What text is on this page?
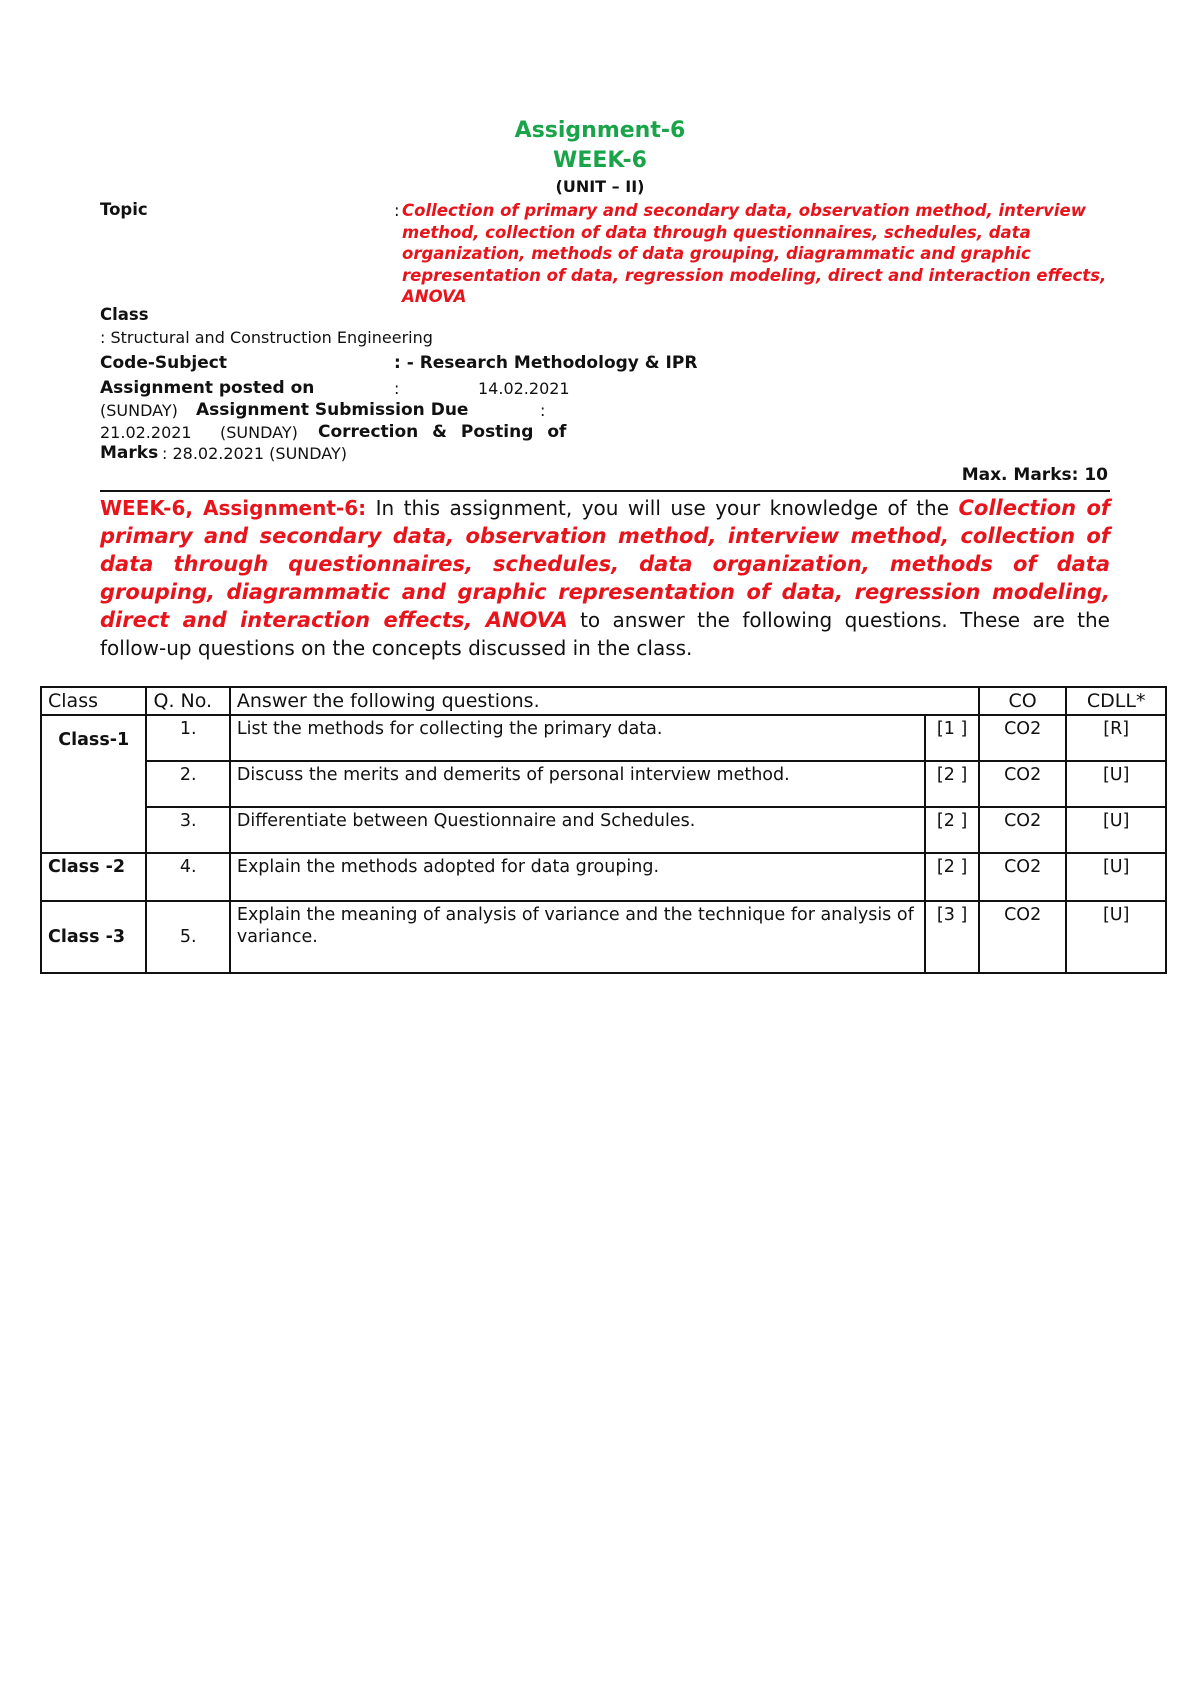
Assignment-6
WEEK-6
(UNIT – II)
Topic	: Collection of primary and secondary data, observation method, interview method, collection of data through questionnaires, schedules, data organization, methods of data grouping, diagrammatic and graphic representation of data, regression modeling, direct and interaction effects, ANOVA
Class
: Structural and Construction Engineering
Code-Subject	: - Research Methodology & IPR
Assignment posted on	:	14.02.2021
(SUNDAY) Assignment Submission Due	:
21.02.2021 (SUNDAY) Correction & Posting of
Marks : 28.02.2021 (SUNDAY)
Max. Marks: 10
WEEK-6, Assignment-6: In this assignment, you will use your knowledge of the Collection of primary and secondary data, observation method, interview method, collection of data through questionnaires, schedules, data organization, methods of data grouping, diagrammatic and graphic representation of data, regression modeling, direct and interaction effects, ANOVA to answer the following questions. These are the follow-up questions on the concepts discussed in the class.
Class	Q. No.	Answer the following questions.		CO	CDLL*
Class-1	1.	List the methods for collecting the primary data.	[1 ]	CO2	[R]
	2.	Discuss the merits and demerits of personal interview method.	[2 ]	CO2	[U]
	3.	Differentiate between Questionnaire and Schedules.	[2 ]	CO2	[U]
Class -2	4.	Explain the methods adopted for data grouping.	[2 ]	CO2	[U]
Class -3	5.	Explain the meaning of analysis of variance and the technique for analysis of variance.	[3 ]	CO2	[U]
